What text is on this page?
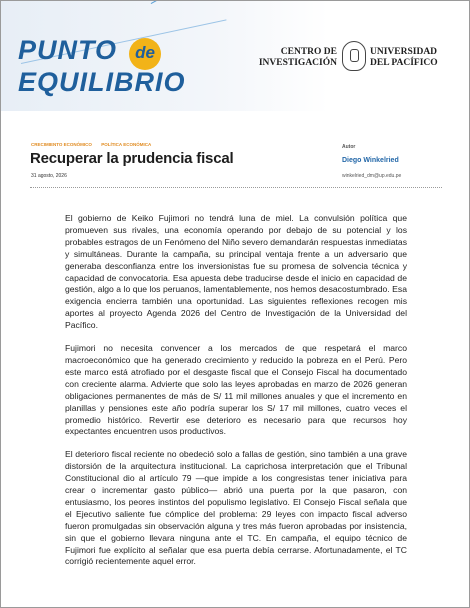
PUNTO	de
EQUILIBRIO
CENTRO DE
INVESTIGACIÓN
UNIVERSIDAD
DEL PACÍFICO
CRECIMIENTO ECONÓMICO POLÍTICA ECONÓMICA
Recuperar la prudencia fiscal
31 agosto, 2026
Autor
Diego Winkelried
winkelried_dm@up.edu.pe

El gobierno de Keiko Fujimori no tendrá luna de miel. La convulsión política que promueven sus rivales, una economía operando por debajo de su potencial y los probables estragos de un Fenómeno del Niño severo demandarán respuestas inmediatas y simultáneas. Durante la campaña, su principal ventaja frente a un adversario que generaba desconfianza entre los inversionistas fue su promesa de solvencia técnica y capacidad de convocatoria. Esa apuesta debe traducirse desde el inicio en capacidad de gestión, algo a lo que los peruanos, lamentablemente, nos hemos desacostumbrado. Esa exigencia encierra también una oportunidad. Las siguientes reflexiones recogen mis aportes al proyecto Agenda 2026 del Centro de Investigación de la Universidad del Pacífico.

Fujimori no necesita convencer a los mercados de que respetará el marco macroeconómico que ha generado crecimiento y reducido la pobreza en el Perú. Pero este marco está atrofiado por el desgaste fiscal que el Consejo Fiscal ha documentado con creciente alarma. Advierte que solo las leyes aprobadas en marzo de 2026 generan obligaciones permanentes de más de S/ 11 mil millones anuales y que el incremento en planillas y pensiones este año podría superar los S/ 17 mil millones, cuatro veces el promedio histórico. Revertir ese deterioro es necesario para que recursos hoy expectantes encuentren usos productivos.

El deterioro fiscal reciente no obedeció solo a fallas de gestión, sino también a una grave distorsión de la arquitectura institucional. La caprichosa interpretación que el Tribunal Constitucional dio al artículo 79 —que impide a los congresistas tener iniciativa para crear o incrementar gasto público— abrió una puerta por la que pasaron, con entusiasmo, los peores instintos del populismo legislativo. El Consejo Fiscal señala que el Ejecutivo saliente fue cómplice del problema: 29 leyes con impacto fiscal adverso fueron promulgadas sin observación alguna y tres más fueron aprobadas por insistencia, sin que el gobierno llevara ninguna ante el TC. En campaña, el equipo técnico de Fujimori fue explícito al señalar que esa puerta debía cerrarse. Afortunadamente, el TC corrigió recientemente aquel error.
